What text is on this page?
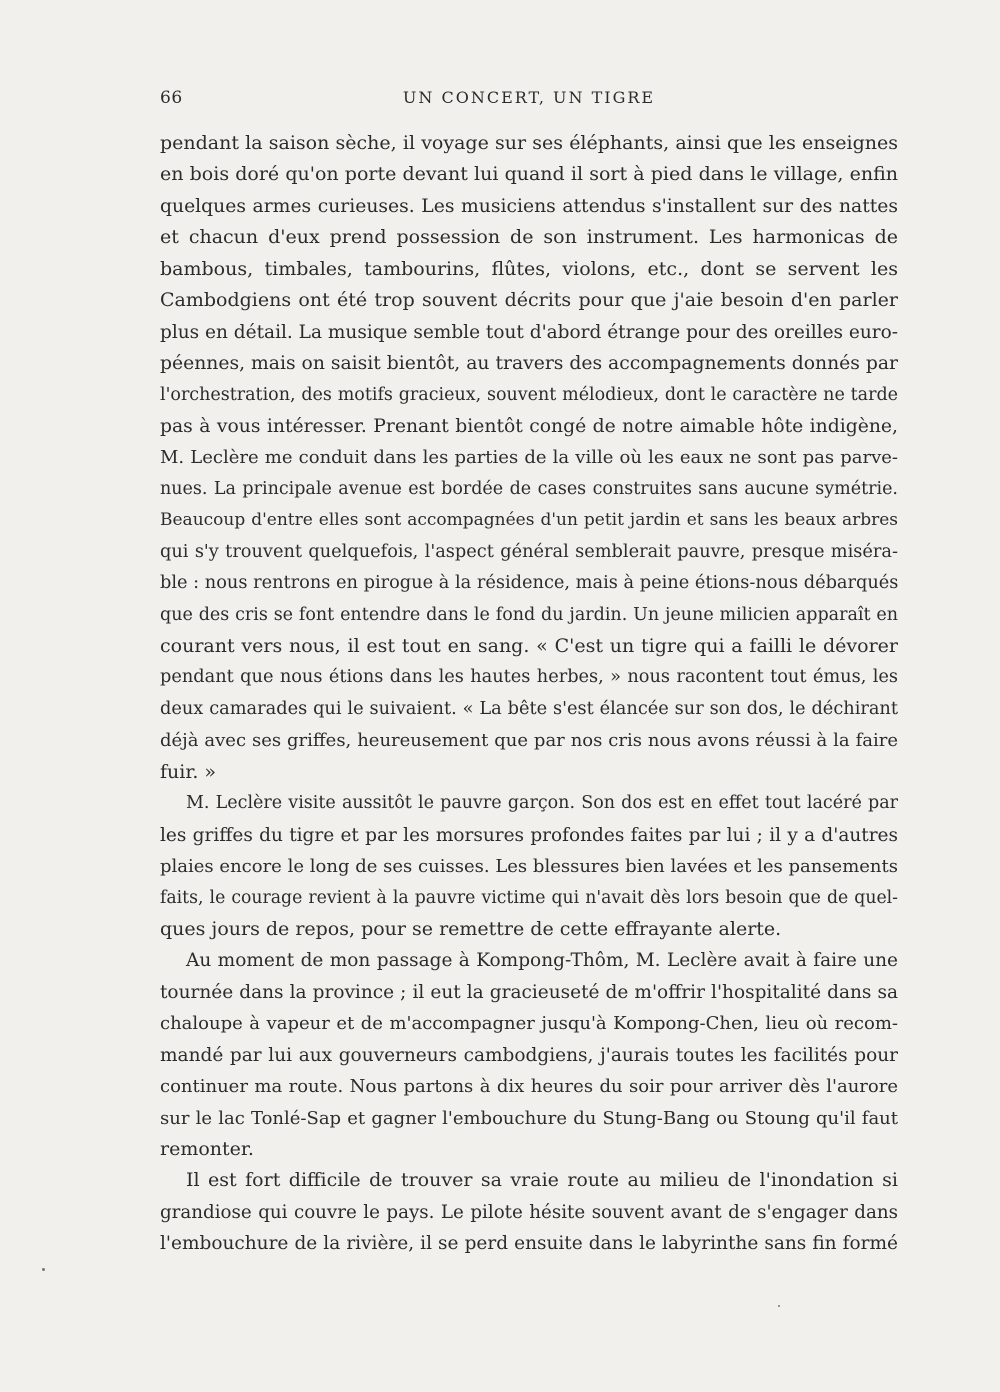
66	UN CONCERT, UN TIGRE
pendant la saison sèche, il voyage sur ses éléphants, ainsi que les enseignes
en bois doré qu'on porte devant lui quand il sort à pied dans le village, enfin
quelques armes curieuses. Les musiciens attendus s'installent sur des nattes
et chacun d'eux prend possession de son instrument. Les harmonicas de
bambous, timbales, tambourins, flûtes, violons, etc., dont se servent les
Cambodgiens ont été trop souvent décrits pour que j'aie besoin d'en parler
plus en détail. La musique semble tout d'abord étrange pour des oreilles euro-
péennes, mais on saisit bientôt, au travers des accompagnements donnés par
l'orchestration, des motifs gracieux, souvent mélodieux, dont le caractère ne tarde
pas à vous intéresser. Prenant bientôt congé de notre aimable hôte indigène,
M. Leclère me conduit dans les parties de la ville où les eaux ne sont pas parve-
nues. La principale avenue est bordée de cases construites sans aucune symétrie.
Beaucoup d'entre elles sont accompagnées d'un petit jardin et sans les beaux arbres
qui s'y trouvent quelquefois, l'aspect général semblerait pauvre, presque miséra-
ble : nous rentrons en pirogue à la résidence, mais à peine étions-nous débarqués
que des cris se font entendre dans le fond du jardin. Un jeune milicien apparaît en
courant vers nous, il est tout en sang. « C'est un tigre qui a failli le dévorer
pendant que nous étions dans les hautes herbes, » nous racontent tout émus, les
deux camarades qui le suivaient. « La bête s'est élancée sur son dos, le déchirant
déjà avec ses griffes, heureusement que par nos cris nous avons réussi à la faire
fuir. »
M. Leclère visite aussitôt le pauvre garçon. Son dos est en effet tout lacéré par
les griffes du tigre et par les morsures profondes faites par lui ; il y a d'autres
plaies encore le long de ses cuisses. Les blessures bien lavées et les pansements
faits, le courage revient à la pauvre victime qui n'avait dès lors besoin que de quel-
ques jours de repos, pour se remettre de cette effrayante alerte.
Au moment de mon passage à Kompong-Thôm, M. Leclère avait à faire une
tournée dans la province ; il eut la gracieuseté de m'offrir l'hospitalité dans sa
chaloupe à vapeur et de m'accompagner jusqu'à Kompong-Chen, lieu où recom-
mandé par lui aux gouverneurs cambodgiens, j'aurais toutes les facilités pour
continuer ma route. Nous partons à dix heures du soir pour arriver dès l'aurore
sur le lac Tonlé-Sap et gagner l'embouchure du Stung-Bang ou Stoung qu'il faut
remonter.
Il est fort difficile de trouver sa vraie route au milieu de l'inondation si
grandiose qui couvre le pays. Le pilote hésite souvent avant de s'engager dans
l'embouchure de la rivière, il se perd ensuite dans le labyrinthe sans fin formé
